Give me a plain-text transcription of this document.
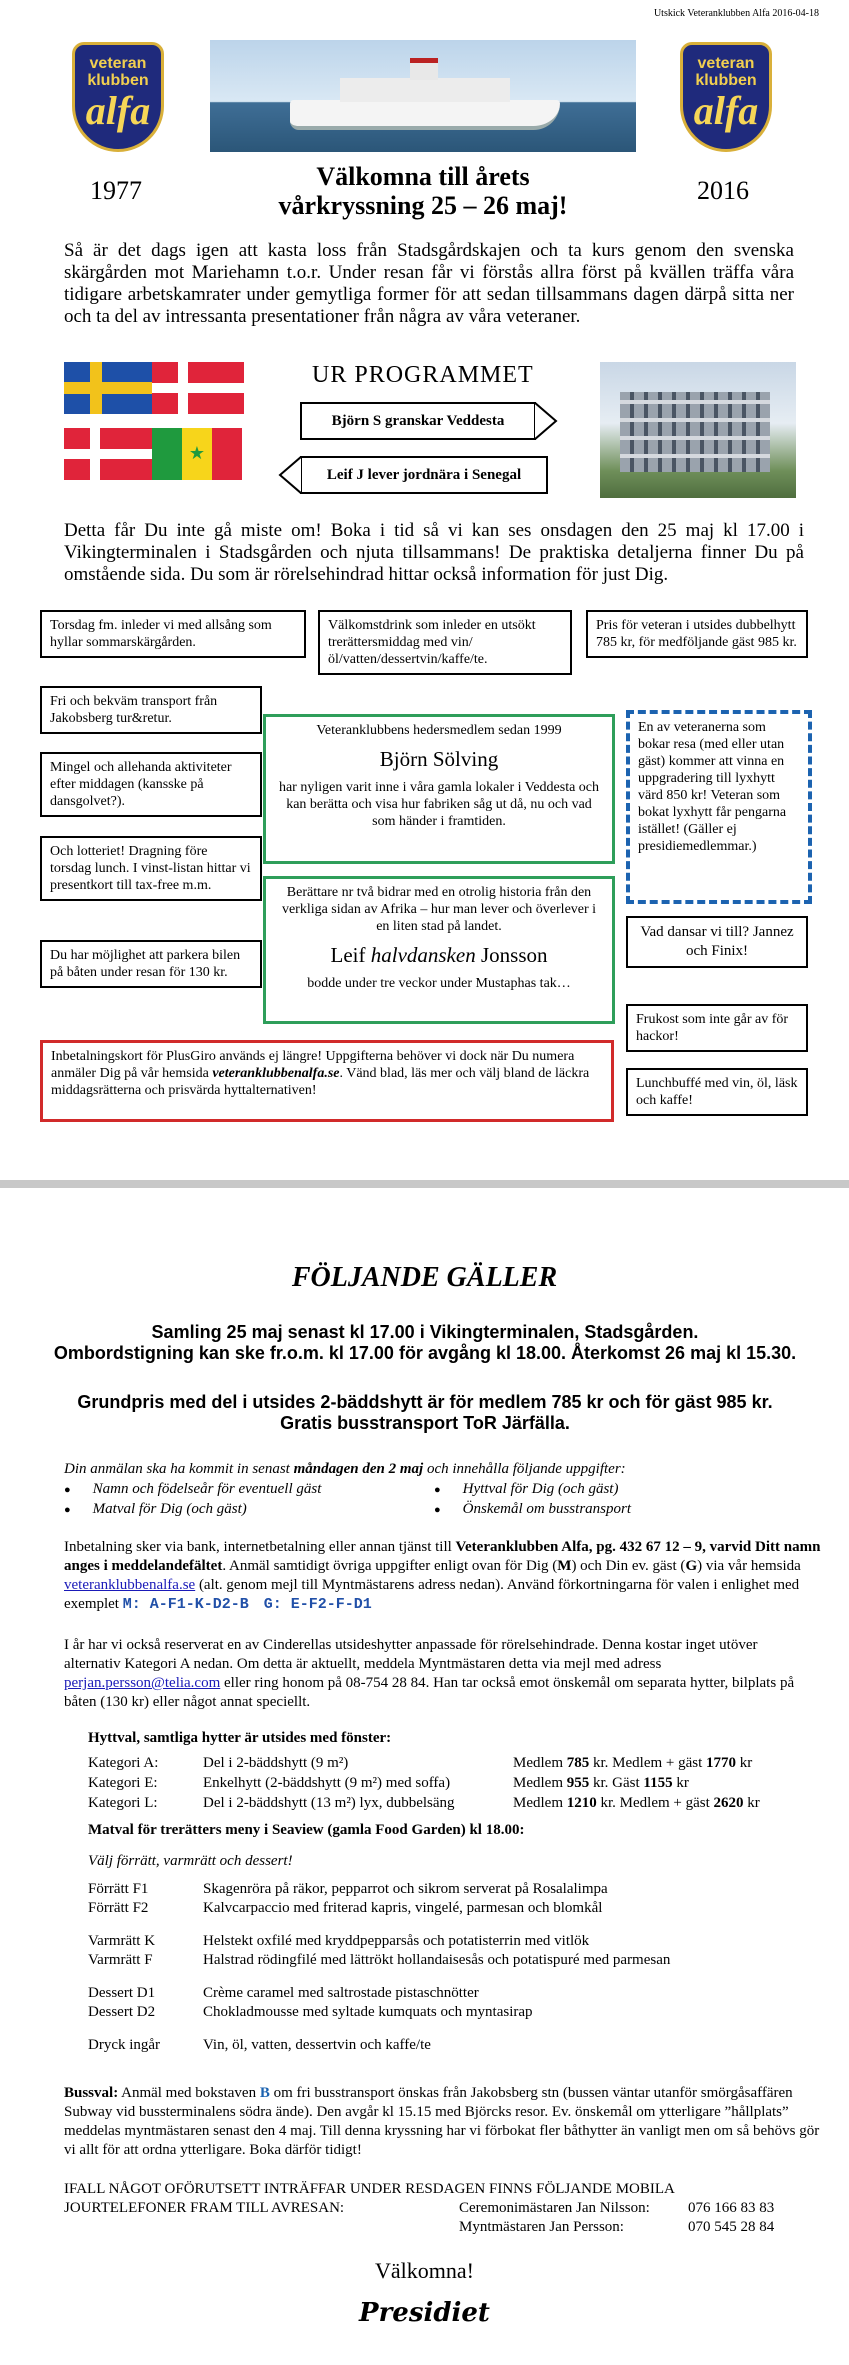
Utskick Veteranklubben Alfa 2016-04-18
veteran
klubben
alfa
veteran
klubben
alfa
1977	2016
Välkomna till årets
vårkryssning 25 – 26 maj!
Så är det dags igen att kasta loss från Stadsgårdskajen och ta kurs genom den svenska skärgården mot Mariehamn t.o.r. Under resan får vi förstås allra först på kvällen träffa våra tidigare arbetskamrater under gemytliga former för att sedan tillsammans dagen därpå sitta ner och ta del av intressanta presentationer från några av våra veteraner.
★
UR PROGRAMMET
Björn S granskar Veddesta
Leif J lever jordnära i Senegal
Detta får Du inte gå miste om! Boka i tid så vi kan ses onsdagen den 25 maj kl 17.00 i Vikingterminalen i Stadsgården och njuta tillsammans! De praktiska detaljerna finner Du på omstående sida. Du som är rörelsehindrad hittar också information för just Dig.
Torsdag fm. inleder vi med allsång som hyllar sommarskärgården.
Välkomstdrink som inleder en utsökt trerättersmiddag med vin/öl/vatten/dessertvin/kaffe/te.
Pris för veteran i utsides dubbelhytt 785 kr, för medföljande gäst 985 kr.
Fri och bekväm transport från Jakobsberg tur&retur.
Mingel och allehanda aktiviteter efter middagen (kansske på dansgolvet?).
Och lotteriet! Dragning före torsdag lunch. I vinst-listan hittar vi presentkort till tax-free m.m.
Du har möjlighet att parkera bilen på båten under resan för 130 kr.
Veteranklubbens hedersmedlem sedan 1999
Björn Sölving
har nyligen varit inne i våra gamla lokaler i Veddesta och kan berätta och visa hur fabriken såg ut då, nu och vad som händer i framtiden.
Berättare nr två bidrar med en otrolig historia från den verkliga sidan av Afrika – hur man lever och överlever i en liten stad på landet.
Leif halvdansken Jonsson
bodde under tre veckor under Mustaphas tak…
En av veteranerna som bokar resa (med eller utan gäst) kommer att vinna en uppgradering till lyxhytt värd 850 kr! Veteran som bokat lyxhytt får pengarna istället! (Gäller ej presidiemedlemmar.)
Vad dansar vi till? Jannez och Finix!
Frukost som inte går av för hackor!
Lunchbuffé med vin, öl, läsk och kaffe!
Inbetalningskort för PlusGiro används ej längre! Uppgifterna behöver vi dock när Du numera anmäler Dig på vår hemsida veteranklubbenalfa.se. Vänd blad, läs mer och välj bland de läckra middagsrätterna och prisvärda hyttalternativen!
FÖLJANDE GÄLLER
Samling 25 maj senast kl 17.00 i Vikingterminalen, Stadsgården.
Ombordstigning kan ske fr.o.m. kl 17.00 för avgång kl 18.00. Återkomst 26 maj kl 15.30.
Grundpris med del i utsides 2-bäddshytt är för medlem 785 kr och för gäst 985 kr.
Gratis busstransport ToR Järfälla.
Din anmälan ska ha kommit in senast måndagen den 2 maj och innehålla följande uppgifter:
● Namn och födelseår för eventuell gäst
● Matval för Dig (och gäst)
● Hyttval för Dig (och gäst)
● Önskemål om busstransport
Inbetalning sker via bank, internetbetalning eller annan tjänst till Veteranklubben Alfa, pg. 432 67 12 – 9, varvid Ditt namn anges i meddelandefältet. Anmäl samtidigt övriga uppgifter enligt ovan för Dig (M) och Din ev. gäst (G) via vår hemsida veteranklubbenalfa.se (alt. genom mejl till Myntmästarens adress nedan). Använd förkortningarna för valen i enlighet med exemplet M: A-F1-K-D2-B G: E-F2-F-D1
I år har vi också reserverat en av Cinderellas utsideshytter anpassade för rörelsehindrade. Denna kostar inget utöver alternativ Kategori A nedan. Om detta är aktuellt, meddela Myntmästaren detta via mejl med adress perjan.persson@telia.com eller ring honom på 08-754 28 84. Han tar också emot önskemål om separata hytter, bilplats på båten (130 kr) eller något annat speciellt.
Hyttval, samtliga hytter är utsides med fönster:
Kategori A:	Del i 2-bäddshytt (9 m²)	Medlem 785 kr. Medlem + gäst 1770 kr
Kategori E:	Enkelhytt (2-bäddshytt (9 m²) med soffa)	Medlem 955 kr. Gäst 1155 kr
Kategori L:	Del i 2-bäddshytt (13 m²) lyx, dubbelsäng	Medlem 1210 kr. Medlem + gäst 2620 kr
Matval för trerätters meny i Seaview (gamla Food Garden) kl 18.00:
Välj förrätt, varmrätt och dessert!
Förrätt F1	Skagenröra på räkor, pepparrot och sikrom serverat på Rosalalimpa
Förrätt F2	Kalvcarpaccio med friterad kapris, vingelé, parmesan och blomkål
Varmrätt K	Helstekt oxfilé med kryddpepparsås och potatisterrin med vitlök
Varmrätt F	Halstrad rödingfilé med lättrökt hollandaisesås och potatispuré med parmesan
Dessert D1	Crème caramel med saltrostade pistaschnötter
Dessert D2	Chokladmousse med syltade kumquats och myntasirap
Dryck ingår	Vin, öl, vatten, dessertvin och kaffe/te
Bussval: Anmäl med bokstaven B om fri busstransport önskas från Jakobsberg stn (bussen väntar utanför smörgåsaffären Subway vid bussterminalens södra ände). Den avgår kl 15.15 med Björcks resor. Ev. önskemål om ytterligare ”hållplats” meddelas myntmästaren senast den 4 maj. Till denna kryssning har vi förbokat fler båthytter än vanligt men om så behövs gör vi allt för att ordna ytterligare. Boka därför tidigt!
IFALL NÅGOT OFÖRUTSETT INTRÄFFAR UNDER RESDAGEN FINNS FÖLJANDE MOBILA
JOURTELEFONER FRAM TILL AVRESAN:	Ceremonimästaren Jan Nilsson:	076 166 83 83
Myntmästaren Jan Persson:	070 545 28 84
Välkomna!
Presidiet
